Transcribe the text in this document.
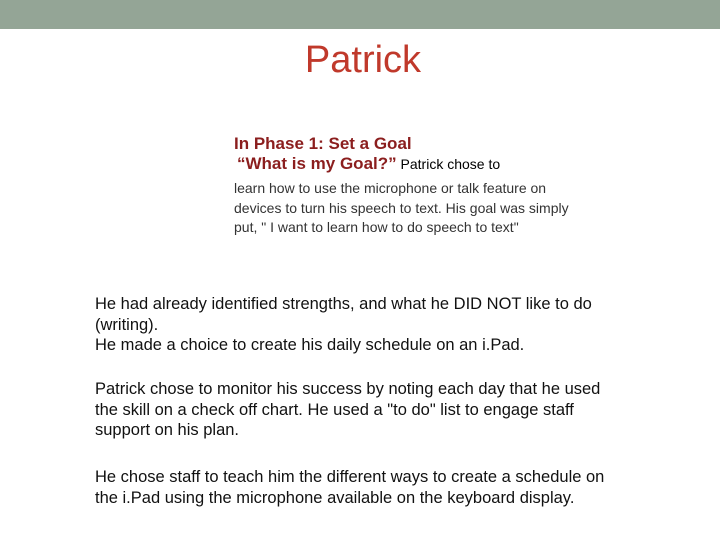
Patrick

In Phase 1: Set a Goal

“What is my Goal?” Patrick chose to

learn how to use the microphone or talk feature on devices to turn his speech to text. His goal was simply put, " I want to learn how to do speech to text"

He had already identified strengths, and what he DID NOT like to do (writing).

He made a choice to create his daily schedule on an i.Pad.

Patrick chose to monitor his success by noting each day that he used the skill on a check off chart. He used a "to do" list to engage staff support on his plan.

He chose staff to teach him the different ways to create a schedule on the i.Pad using the microphone available on the keyboard display.
